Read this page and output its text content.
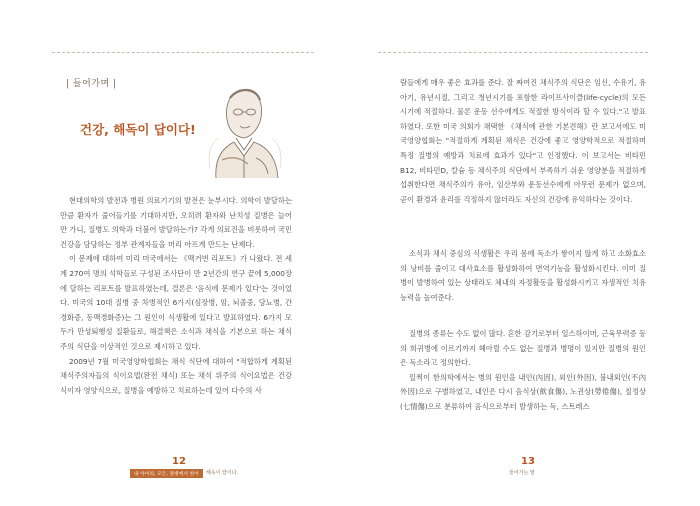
| 들어가며 |
건강, 해독이 답이다!

현대의학의 발전과 병원 의료기기의 발전은 눈부시다. 의학이 발달하는 만큼 환자가 줄어들기를 기대하지만, 오히려 환자와 난치성 질병은 늘어만 가니, 질병도 의학과 더불어 발달하는가? 각게 의료진을 비롯하여 국민 건강을 담당하는 정부 관계자들을 머리 아프게 만드는 난제다.

이 문제에 대하여 미리 미국에서는 《맥거번 리포트》가 나왔다. 전 세계 270여 명의 석학들로 구성된 조사단이 만 2년간의 연구 끝에 5,000장에 달하는 리포트를 발표하였는데, 결론은 '음식에 문제가 있다'는 것이었다. 미국의 10대 질병 중 차병적인 6가지(심장병, 암, 뇌졸중, 당뇨병, 간경화증, 동맥경화증)는 그 원인이 식생활에 있다고 발표하였다. 6가지 모두가 만성퇴행성 질환들로, 해결책은 소식과 채식을 기본으로 하는 채식주의 식단을 이상적인 것으로 제시하고 있다.

2009년 7월 미국영양학협회는 채식 식단에 대하여 "적합하게 계획된 채식주의자들의 식이요법(완전 채식) 또는 채식 위주의 식이요법은 건강식이자 영양식으로, 질병을 예방하고 치료하는데 있어 다수의 사

12
내 아이의, 모든, 질병에서 벗어	해독이 답이다.

람들에게 매우 좋은 효과를 준다. 잘 짜여진 채식주의 식단은 임신, 수유기, 유아기, 유년시절, 그리고 청년시기를 포함한 라이프사이클(life-cycle)의 모든 시기에 적절하다. 물론 운동 선수에게도 적절한 방식이라 할 수 있다."고 발표하였다. 또한 미국 의회가 채택한 《채식에 관한 기본견해》란 보고서에도 미국영양협회는 "적절하게 계획된 채식은 건강에 좋고 영양학적으로 적절하며 특정 질병의 예방과 치료에 효과가 있다"고 인정했다. 이 보고서는 비타민B12, 비타민D, 칼슘 등 채식주의 식단에서 부족하기 쉬운 영양분을 적절하게 섭취한다면 채식주의가 유아, 임산부와 운동선수에게 아무런 문제가 없으며, 곧이 환경과 윤리를 걱정하지 않더라도 자신의 건강에 유익하다는 것이다.

소식과 채식 중심의 식생활은 우리 몸에 독소가 쌓이지 않게 하고 소화효소의 낭비를 줄이고 대사효소를 활성화하여 면역기능을 활성화시킨다. 이미 질병이 발병하여 있는 상태라도 체내의 자정활동을 활성화시키고 자생적인 치유능력을 높여준다.

질병의 종류는 수도 없이 많다. 흔한 감기로부터 일스하이머, 근육무력증 등의 희귀병에 이르기까지 헤아릴 수도 없는 질병과 병명이 있지만 질병의 원인은 독소라고 정의한다.

일찍이 한의학에서는 병의 원인을 내인(內因), 외인(外因), 불내외인(不內外因)으로 구별하였고, 내인은 다시 음식상(飮食傷), 노권상(勞倦傷), 칠정상(七情傷)으로 분류하여 음식으로부터 발생하는 독, 스트레스

13
들어가는 말
